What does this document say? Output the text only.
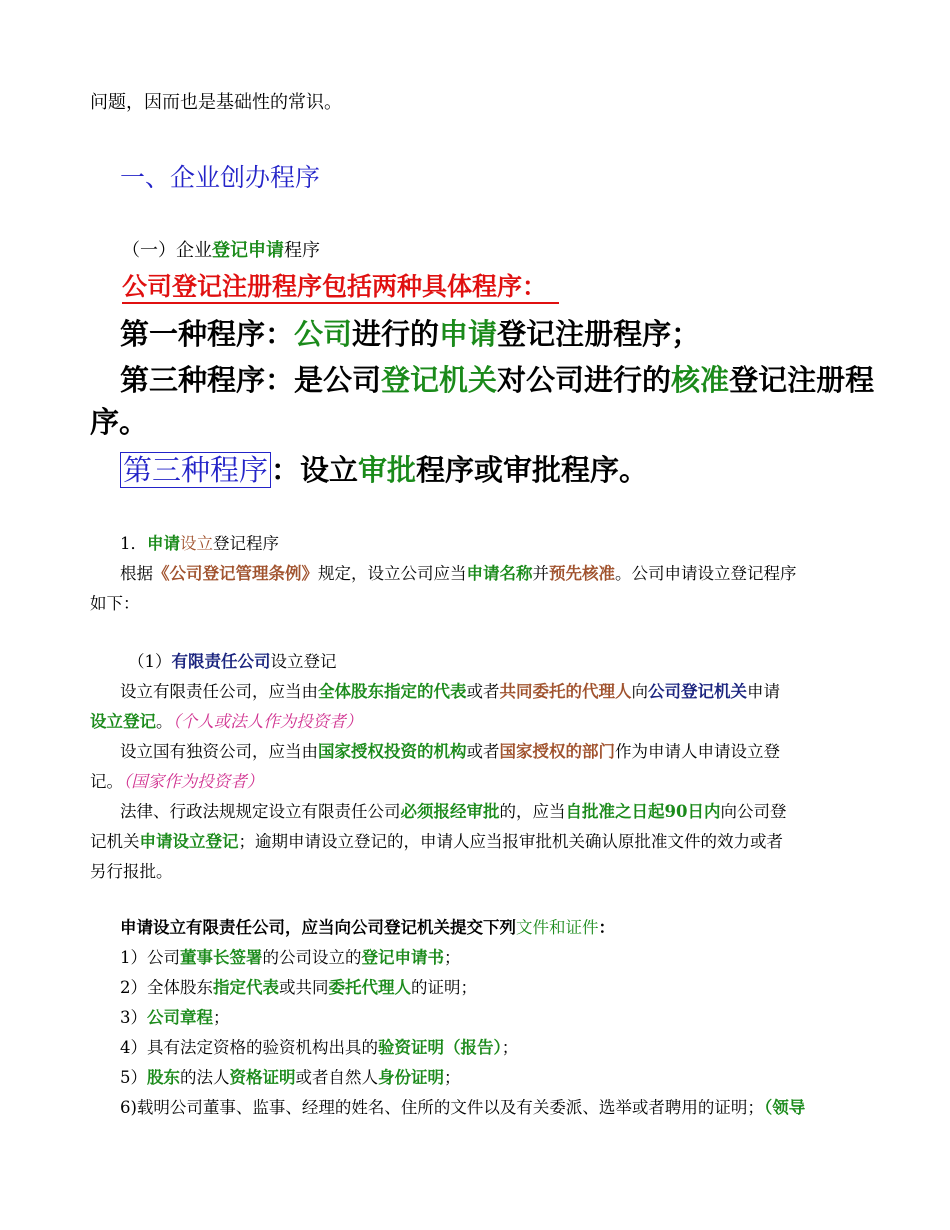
问题，因而也是基础性的常识。
一、企业创办程序
（一）企业登记申请程序
公司登记注册程序包括两种具体程序：
第一种程序：公司进行的申请登记注册程序；
第三种程序：是公司登记机关对公司进行的核准登记注册程
序。
第三种程序 ：设立审批程序或审批程序。
1．申请设立登记程序
根据《公司登记管理条例》规定，设立公司应当申请名称并预先核准。公司申请设立登记程序
如下：
（1）有限责任公司设立登记
设立有限责任公司，应当由全体股东指定的代表或者共同委托的代理人向公司登记机关申请
设立登记。（个人或法人作为投资者）
设立国有独资公司，应当由国家授权投资的机构或者国家授权的部门作为申请人申请设立登
记。（国家作为投资者）
法律、行政法规规定设立有限责任公司必须报经审批的，应当自批准之日起90日内向公司登
记机关申请设立登记；逾期申请设立登记的，申请人应当报审批机关确认原批准文件的效力或者
另行报批。
申请设立有限责任公司，应当向公司登记机关提交下列文件和证件：
1）公司董事长签署的公司设立的登记申请书；
2）全体股东指定代表或共同委托代理人的证明；
3）公司章程；
4）具有法定资格的验资机构出具的验资证明（报告）；
5）股东的法人资格证明或者自然人身份证明；
6)载明公司董事、监事、经理的姓名、住所的文件以及有关委派、选举或者聘用的证明；（领导
